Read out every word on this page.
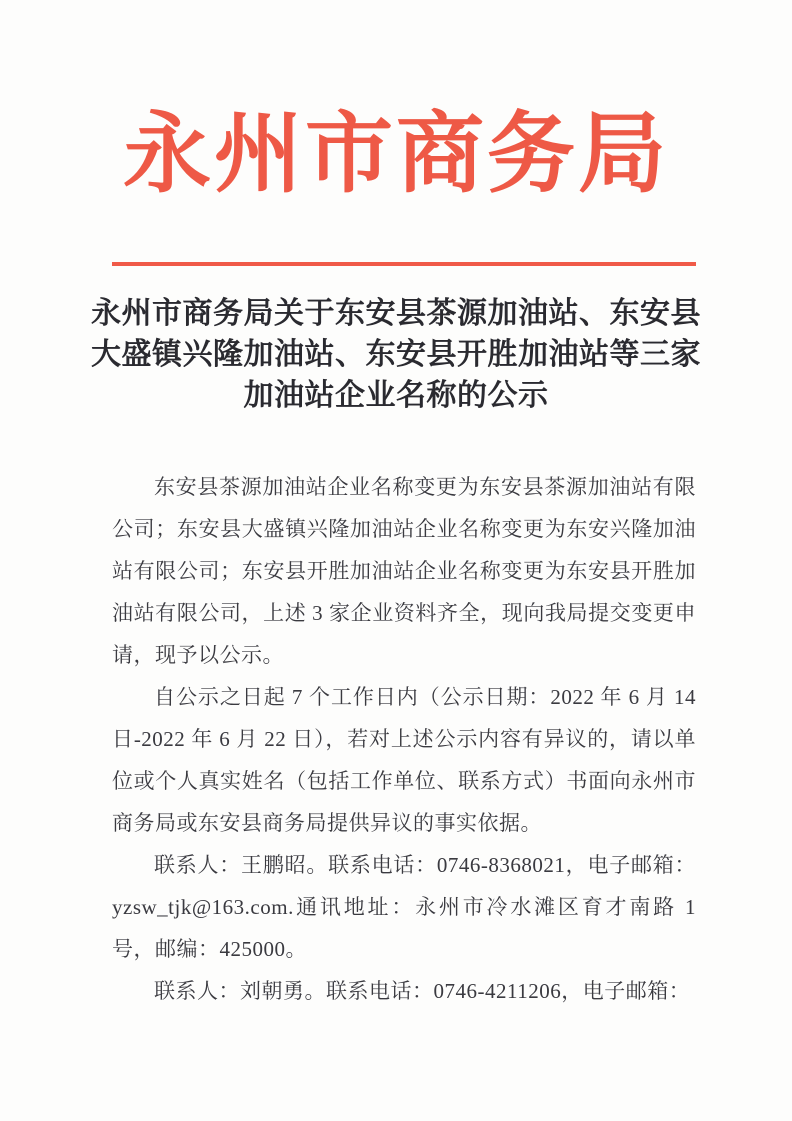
永州市商务局
永州市商务局关于东安县茶源加油站、东安县
大盛镇兴隆加油站、东安县开胜加油站等三家
加油站企业名称的公示

东安县茶源加油站企业名称变更为东安县茶源加油站有限公司；东安县大盛镇兴隆加油站企业名称变更为东安兴隆加油站有限公司；东安县开胜加油站企业名称变更为东安县开胜加油站有限公司，上述 3 家企业资料齐全，现向我局提交变更申请，现予以公示。

自公示之日起 7 个工作日内（公示日期：2022 年 6 月 14 日-2022 年 6 月 22 日），若对上述公示内容有异议的，请以单位或个人真实姓名（包括工作单位、联系方式）书面向永州市商务局或东安县商务局提供异议的事实依据。

联系人：王鹏昭。联系电话：0746-8368021，电子邮箱：yzsw_tjk@163.com.通讯地址：永州市冷水滩区育才南路 1 号，邮编：425000。

联系人：刘朝勇。联系电话：0746-4211206，电子邮箱：
